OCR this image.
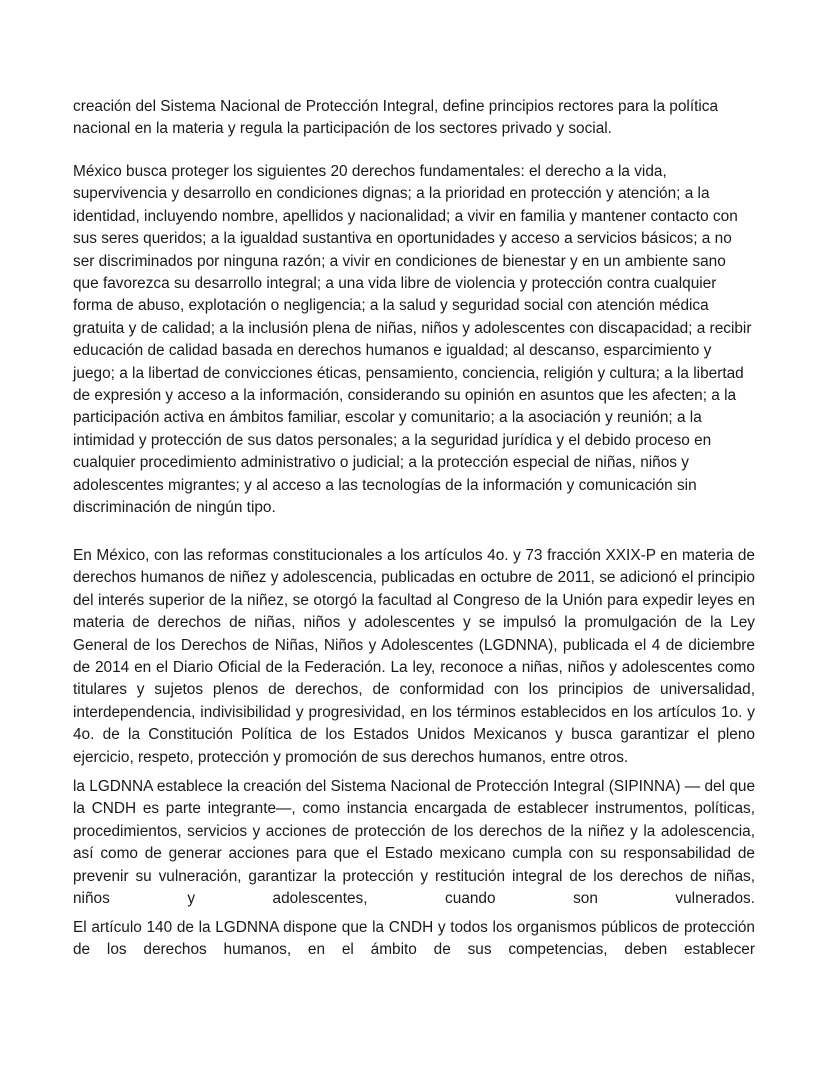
creación del Sistema Nacional de Protección Integral, define principios rectores para la política nacional en la materia y regula la participación de los sectores privado y social.

México busca proteger los siguientes 20 derechos fundamentales: el derecho a la vida, supervivencia y desarrollo en condiciones dignas; a la prioridad en protección y atención; a la identidad, incluyendo nombre, apellidos y nacionalidad; a vivir en familia y mantener contacto con sus seres queridos; a la igualdad sustantiva en oportunidades y acceso a servicios básicos; a no ser discriminados por ninguna razón; a vivir en condiciones de bienestar y en un ambiente sano que favorezca su desarrollo integral; a una vida libre de violencia y protección contra cualquier forma de abuso, explotación o negligencia; a la salud y seguridad social con atención médica gratuita y de calidad; a la inclusión plena de niñas, niños y adolescentes con discapacidad; a recibir educación de calidad basada en derechos humanos e igualdad; al descanso, esparcimiento y juego; a la libertad de convicciones éticas, pensamiento, conciencia, religión y cultura; a la libertad de expresión y acceso a la información, considerando su opinión en asuntos que les afecten; a la participación activa en ámbitos familiar, escolar y comunitario; a la asociación y reunión; a la intimidad y protección de sus datos personales; a la seguridad jurídica y el debido proceso en cualquier procedimiento administrativo o judicial; a la protección especial de niñas, niños y adolescentes migrantes; y al acceso a las tecnologías de la información y comunicación sin discriminación de ningún tipo.

En México, con las reformas constitucionales a los artículos 4o. y 73 fracción XXIX-P en materia de derechos humanos de niñez y adolescencia, publicadas en octubre de 2011, se adicionó el principio del interés superior de la niñez, se otorgó la facultad al Congreso de la Unión para expedir leyes en materia de derechos de niñas, niños y adolescentes y se impulsó la promulgación de la Ley General de los Derechos de Niñas, Niños y Adolescentes (LGDNNA), publicada el 4 de diciembre de 2014 en el Diario Oficial de la Federación. La ley, reconoce a niñas, niños y adolescentes como titulares y sujetos plenos de derechos, de conformidad con los principios de universalidad, interdependencia, indivisibilidad y progresividad, en los términos establecidos en los artículos 1o. y 4o. de la Constitución Política de los Estados Unidos Mexicanos y busca garantizar el pleno ejercicio, respeto, protección y promoción de sus derechos humanos, entre otros.

la LGDNNA establece la creación del Sistema Nacional de Protección Integral (SIPINNA) — del que la CNDH es parte integrante—, como instancia encargada de establecer instrumentos, políticas, procedimientos, servicios y acciones de protección de los derechos de la niñez y la adolescencia, así como de generar acciones para que el Estado mexicano cumpla con su responsabilidad de prevenir su vulneración, garantizar la protección y restitución integral de los derechos de niñas, niños y adolescentes, cuando son vulnerados.

El artículo 140 de la LGDNNA dispone que la CNDH y todos los organismos públicos de protección de los derechos humanos, en el ámbito de sus competencias, deben establecer
